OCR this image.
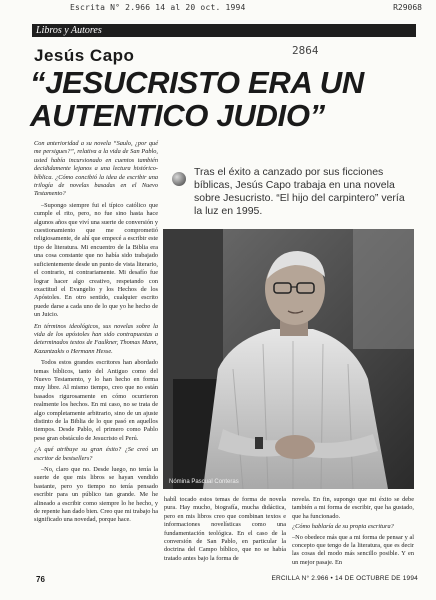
Escrita N° 2.966 14 al 20 oct. 1994	R29068
2864
Libros y Autores
Jesús Capo
“JESUCRISTO ERA UN
AUTENTICO JUDIO”
Tras el éxito a canzado por sus ficciones bíblicas, Jesús Capo trabaja en una novela sobre Jesucristo. “El hijo del carpintero” vería la luz en 1995.

Con anterioridad a su novela “Saulo, ¿por qué me persigues?”, relativa a la vida de San Pablo, usted había incursionado en cuentos también decididamente lejanos a una lectura histórico-bíblica. ¿Cómo concibió la idea de escribir una trilogía de novelas basadas en el Nuevo Testamento?

–Supongo siempre fui el típico católico que cumple el rito, pero, no fue sino hasta hace algunos años que viví una suerte de conversión y cuestionamiento que me comprometió religiosamente, de ahí que empecé a escribir este tipo de literatura. Mi encuentro de la Biblia era una cosa constante que no había sido trabajado suficientemente desde un punto de vista literario, el contrario, ni contrariamente. Mi desafío fue lograr hacer algo creativo, respetando con exactitud el Evangelio y los Hechos de los Apóstoles. En otro sentido, cualquier escrito puede darse a cada uno de lo que yo he hecho de un Juicio.

En términos ideológicos, sus novelas sobre la vida de los apóstoles han sido contrapuestas a determinados textos de Faulkner, Thomas Mann, Kazantzakis o Hermann Hesse.

Todos estos grandes escritores han abordado temas bíblicos, tanto del Antiguo como del Nuevo Testamento, y lo han hecho en forma muy libre. Al mismo tiempo, creo que no están basados rigurosamente en cómo ocurrieron realmente los hechos. En mi caso, no se trata de algo completamente arbitrario, sino de un ajuste distinto de la Biblia de lo que pasó en aquellos tiempos. Desde Pablo, el primero como Pablo pese gran obstáculo de Jesucristo el Perú.

¿A qué atribuye su gran éxito? ¿Se creó un escritor de bestsellers?

–No, claro que no. Desde luego, no tenía la suerte de que mis libros se hayan vendido bastante, pero yo tiempo no tenía pensado escribir para un público tan grande. Me he alineado a escribir como siempre lo he hecho, y de repente han dado bien. Creo que mi trabajo ha significado una novedad, porque hace.

Nómina Pascual Conteras

habíl tocado estos temas de forma de novela pura. Hay mucho, biografía, mucha didáctica, pero en mis libros creo que combinan textos e informaciones novelísticas como una fundamentación teológica. En el caso de la conversión de San Pablo, en particular la doctrina del Campo bíblico, que no se había tratado antes bajo la forma de

novela. En fin, supongo que mi éxito se debe también a mi forma de escribir, que ha gustado, que ha funcionado.

¿Cómo hablaría de su propia escritura?

–No obedece más que a mi forma de pensar y al concepto que tengo de la literatura, que es decir las cosas del modo más sencillo posible. Y en un mejor pasaje. En

76	ERCILLA N° 2.966 • 14 DE OCTUBRE DE 1994
